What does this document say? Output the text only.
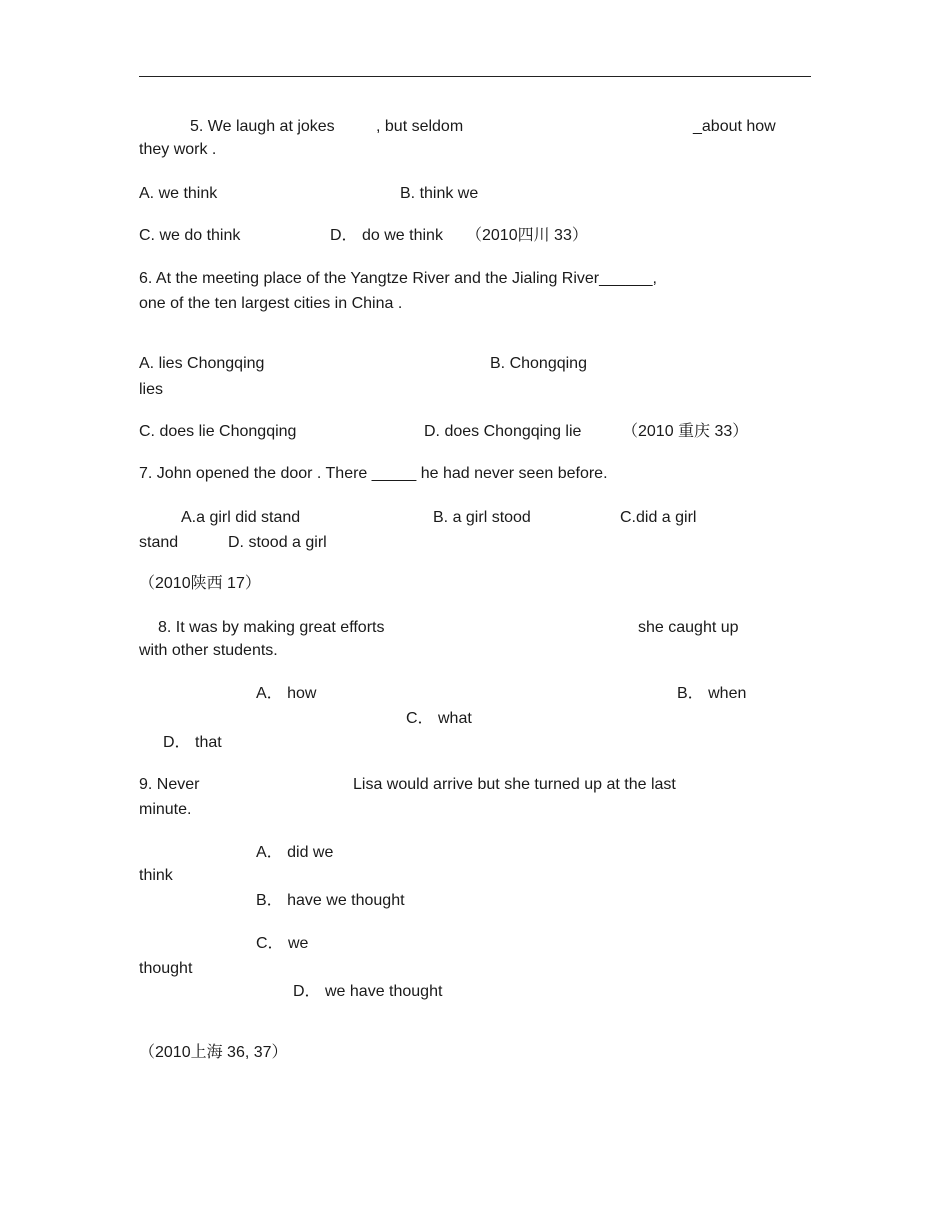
5. We laugh at jokes	, but seldom	_about how
they work .
A. we think	B. think we
C. we do think	D． do we think （2010四川 33）
6. At the meeting place of the Yangtze River and the Jialing River______,
one of the ten largest cities in China .
A. lies Chongqing	B. Chongqing
lies
C. does lie Chongqing	D. does Chongqing lie	（2010 重庆 33）
7. John opened the door . There _____ he had never seen before.
A.a girl did stand	B. a girl stood	C.did a girl
stand	D. stood a girl
（2010陕西 17）
8. It was by making great efforts	she caught up
with other students.
A． how	B． when
C． what
D． that
9. Never	Lisa would arrive but she turned up at the last
minute.
A． did we
think
B． have we thought
C． we
thought
D． we have thought
（2010上海 36, 37）
